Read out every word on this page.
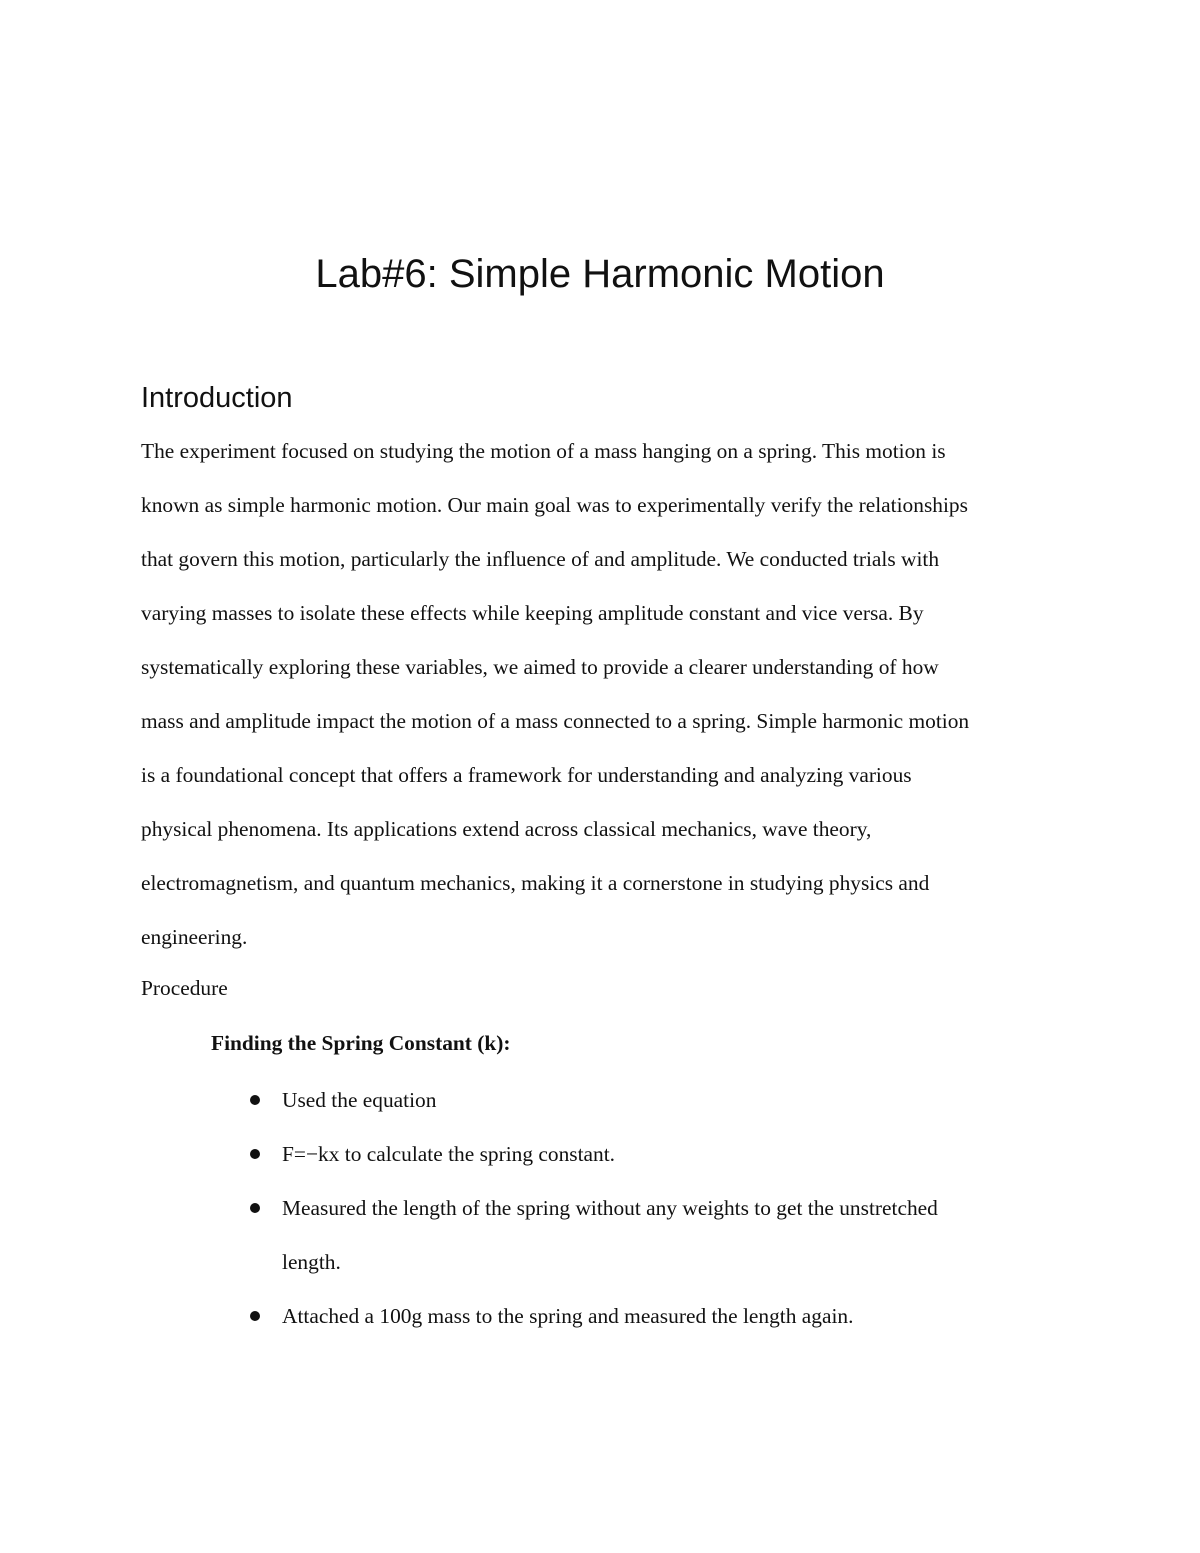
Lab#6: Simple Harmonic Motion
Introduction

The experiment focused on studying the motion of a mass hanging on a spring. This motion is
known as simple harmonic motion. Our main goal was to experimentally verify the relationships
that govern this motion, particularly the influence of and amplitude. We conducted trials with
varying masses to isolate these effects while keeping amplitude constant and vice versa. By
systematically exploring these variables, we aimed to provide a clearer understanding of how
mass and amplitude impact the motion of a mass connected to a spring. Simple harmonic motion
is a foundational concept that offers a framework for understanding and analyzing various
physical phenomena. Its applications extend across classical mechanics, wave theory,
electromagnetism, and quantum mechanics, making it a cornerstone in studying physics and
engineering.

Procedure

Finding the Spring Constant (k):

Used the equation
F=−kx to calculate the spring constant.
Measured the length of the spring without any weights to get the unstretched
length.
Attached a 100g mass to the spring and measured the length again.
